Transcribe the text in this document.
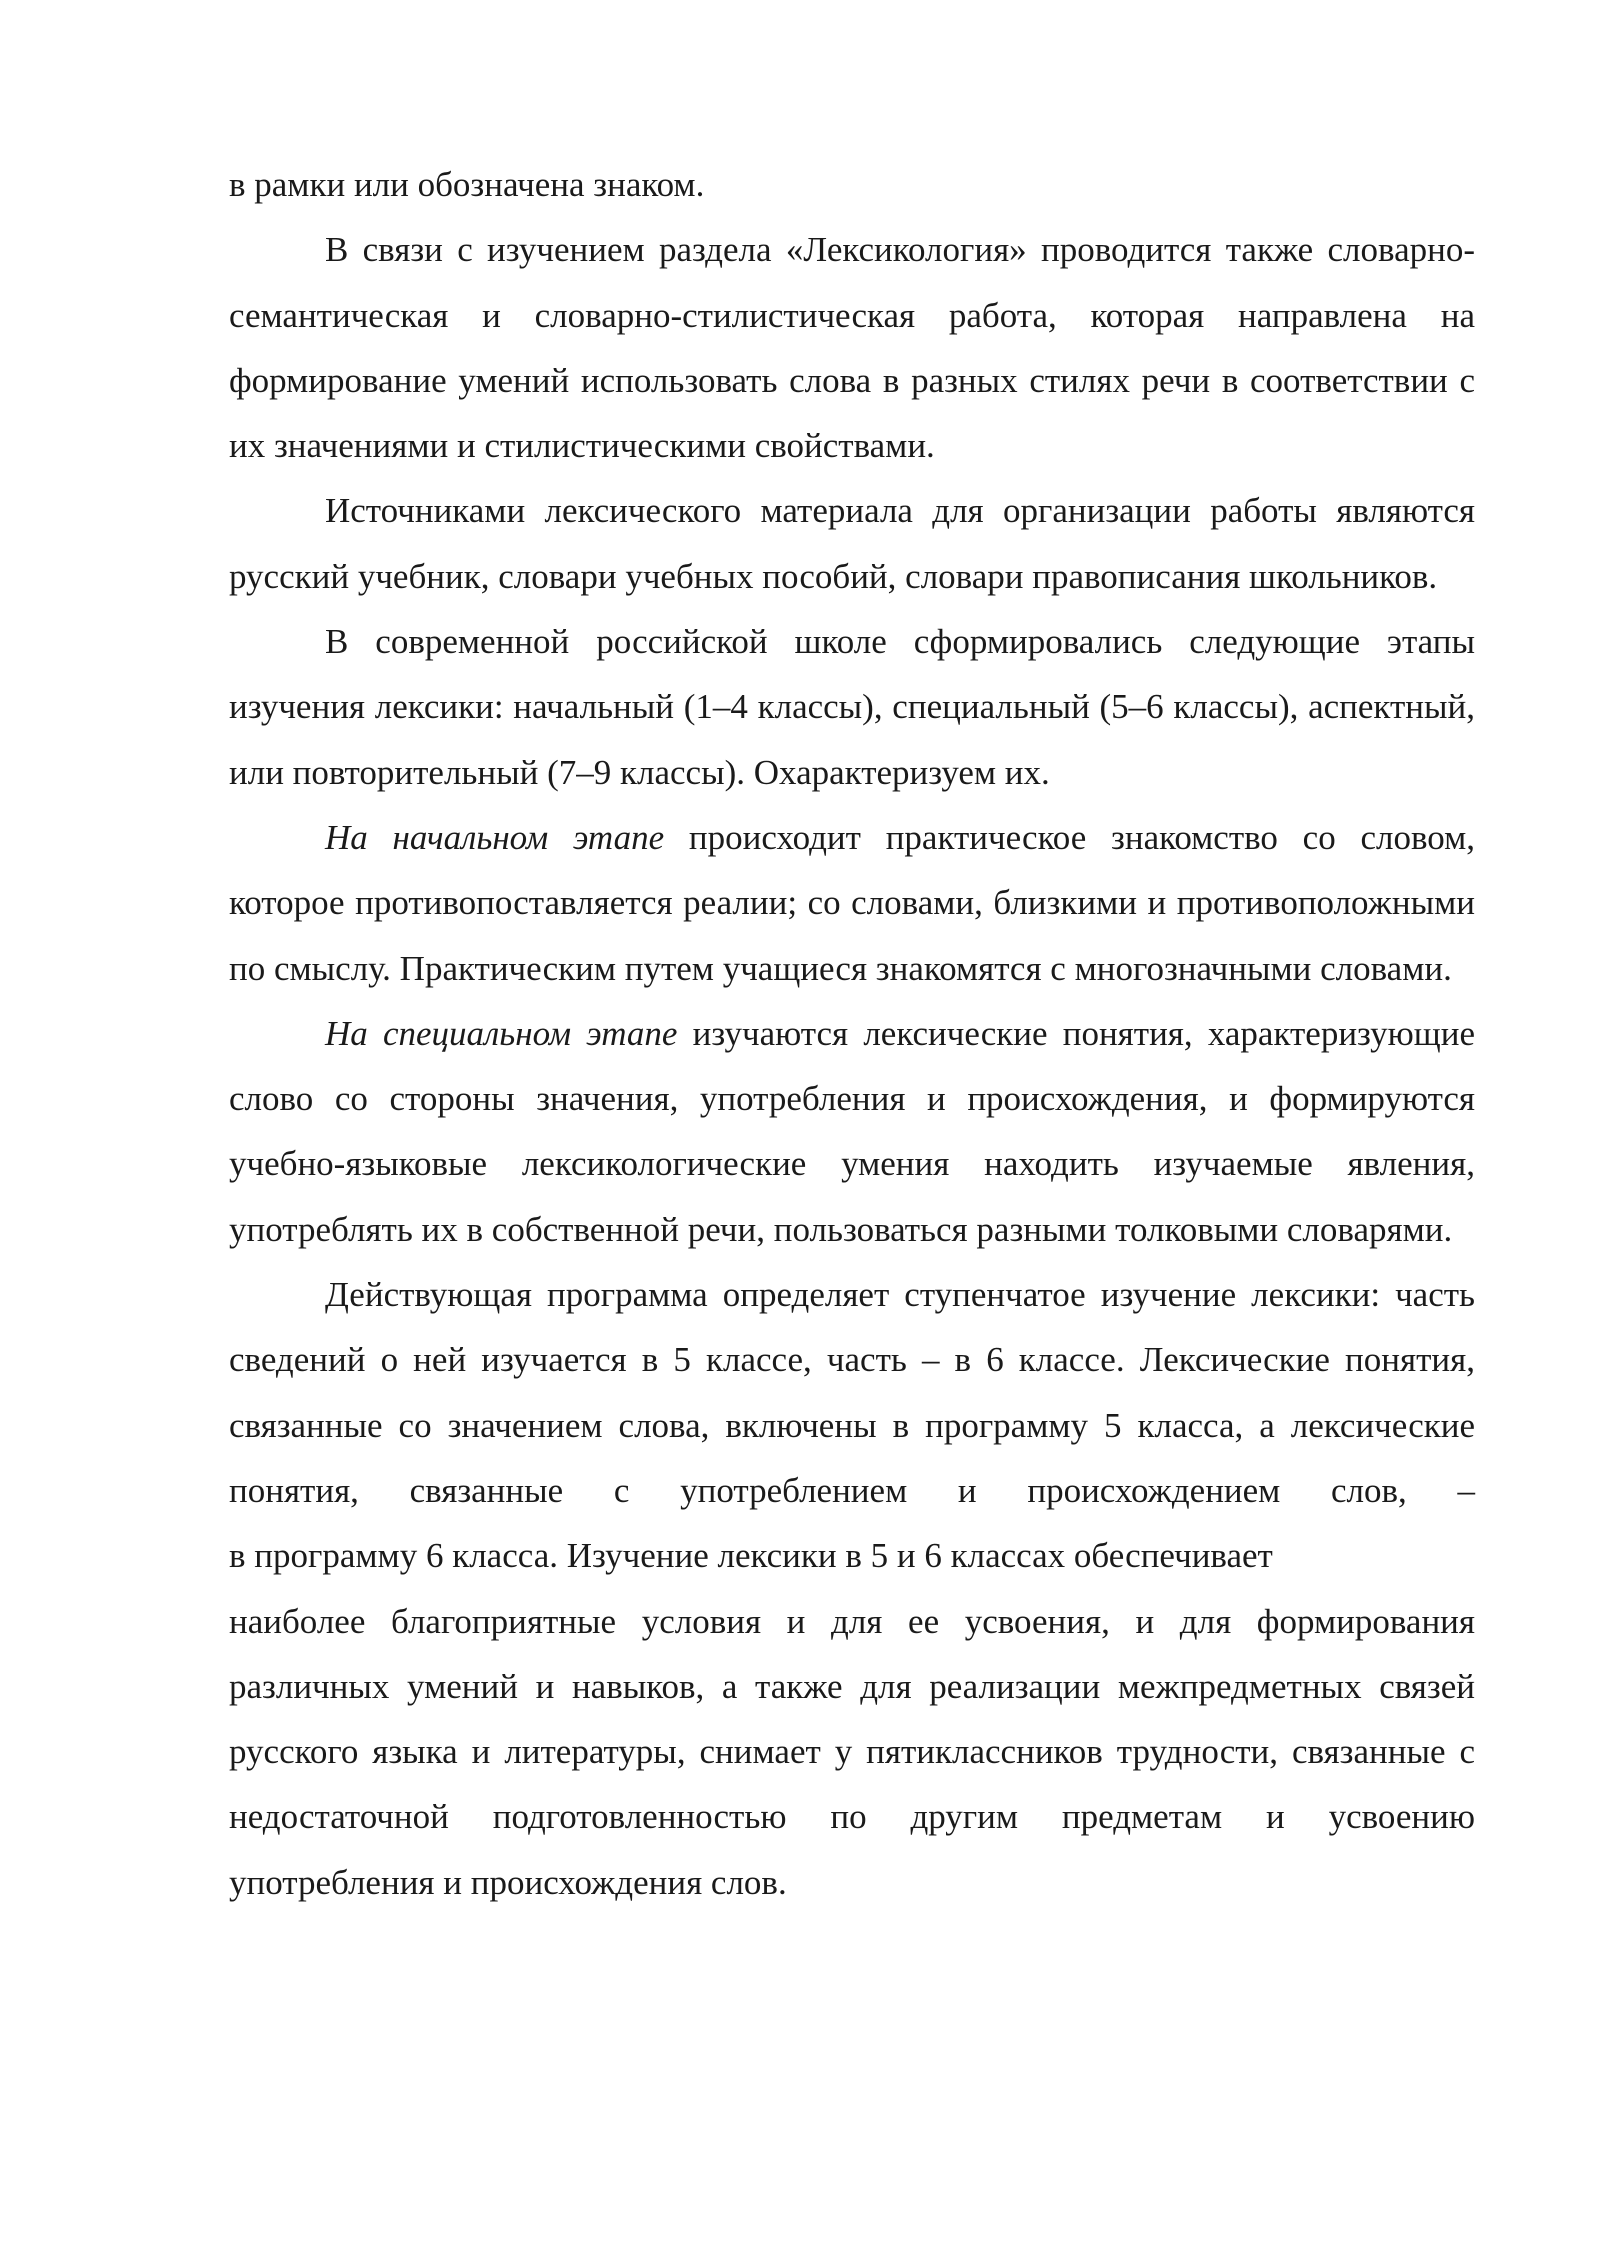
в рамки или обозначена знаком.

В связи с изучением раздела «Лексикология» проводится также словарно-семантическая и словарно-стилистическая работа, которая направлена на формирование умений использовать слова в разных стилях речи в соответствии с их значениями и стилистическими свойствами.

Источниками лексического материала для организации работы являются русский учебник, словари учебных пособий, словари правописания школьников.

В современной российской школе сформировались следующие этапы изучения лексики: начальный (1–4 классы), специальный (5–6 классы), аспектный, или повторительный (7–9 классы). Охарактеризуем их.

На начальном этапе происходит практическое знакомство со словом, которое противопоставляется реалии; со словами, близкими и противоположными по смыслу. Практическим путем учащиеся знакомятся с многозначными словами.

На специальном этапе изучаются лексические понятия, характеризующие слово со стороны значения, употребления и происхождения, и формируются учебно-языковые лексикологические умения находить изучаемые явления, употреблять их в собственной речи, пользоваться разными толковыми словарями.

Действующая программа определяет ступенчатое изучение лексики: часть сведений о ней изучается в 5 классе, часть – в 6 классе. Лексические понятия, связанные со значением слова, включены в программу 5 класса, а лексические понятия, связанные с употреблением и происхождением слов, –

в программу 6 класса. Изучение лексики в 5 и 6 классах обеспечивает

наиболее благоприятные условия и для ее усвоения, и для формирования различных умений и навыков, а также для реализации межпредметных связей русского языка и литературы, снимает у пятиклассников трудности, связанные с недостаточной подготовленностью по другим предметам и усвоению употребления и происхождения слов.
